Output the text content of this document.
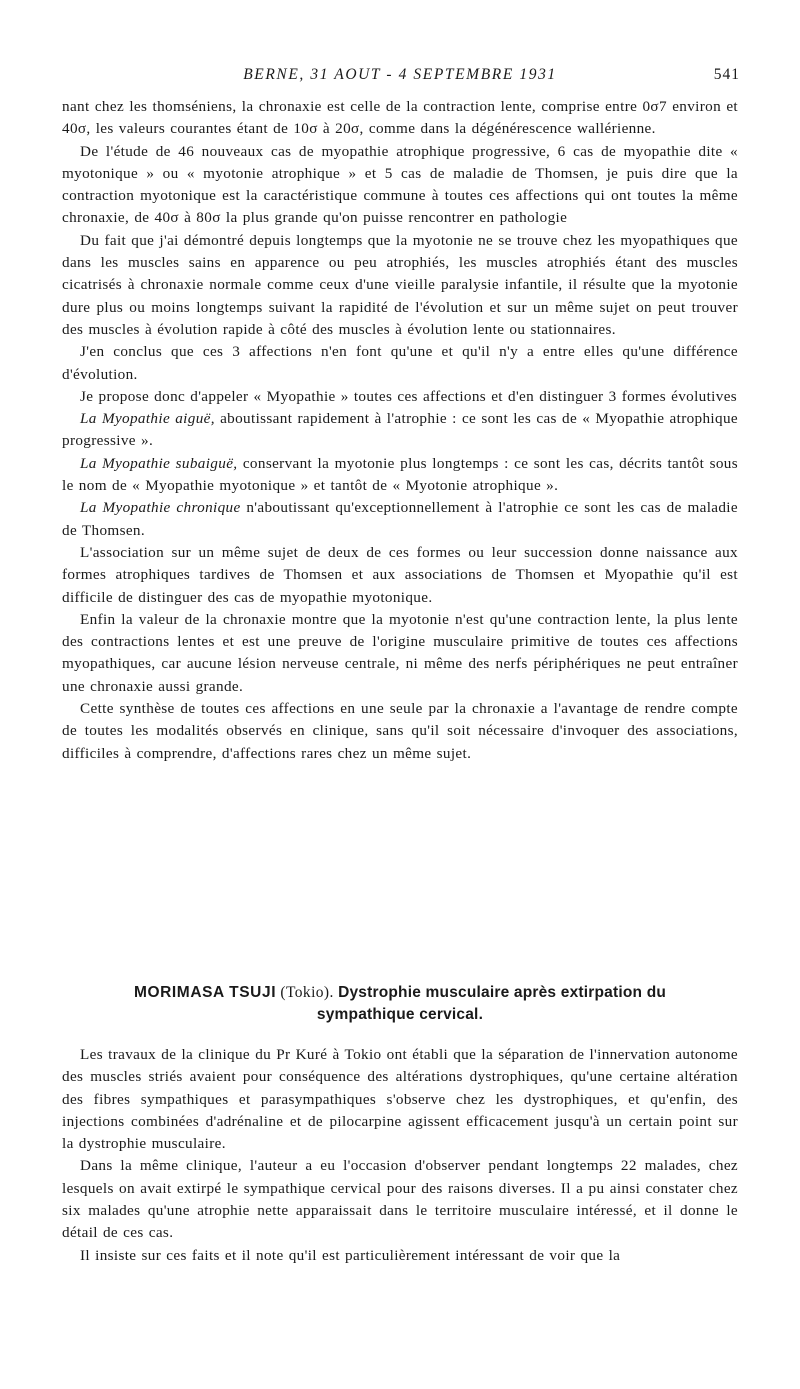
BERNE, 31 AOUT - 4 SEPTEMBRE 1931	541

nant chez les thomséniens, la chronaxie est celle de la contraction lente, comprise entre 0σ7 environ et 40σ, les valeurs courantes étant de 10σ à 20σ, comme dans la dégénérescence wallérienne.

De l'étude de 46 nouveaux cas de myopathie atrophique progressive, 6 cas de myopathie dite « myotonique » ou « myotonie atrophique » et 5 cas de maladie de Thomsen, je puis dire que la contraction myotonique est la caractéristique commune à toutes ces affections qui ont toutes la même chronaxie, de 40σ à 80σ la plus grande qu'on puisse rencontrer en pathologie

Du fait que j'ai démontré depuis longtemps que la myotonie ne se trouve chez les myopathiques que dans les muscles sains en apparence ou peu atrophiés, les muscles atrophiés étant des muscles cicatrisés à chronaxie normale comme ceux d'une vieille paralysie infantile, il résulte que la myotonie dure plus ou moins longtemps suivant la rapidité de l'évolution et sur un même sujet on peut trouver des muscles à évolution rapide à côté des muscles à évolution lente ou stationnaires.

J'en conclus que ces 3 affections n'en font qu'une et qu'il n'y a entre elles qu'une différence d'évolution.

Je propose donc d'appeler « Myopathie » toutes ces affections et d'en distinguer 3 formes évolutives

La Myopathie aiguë, aboutissant rapidement à l'atrophie : ce sont les cas de « Myopathie atrophique progressive ».

La Myopathie subaiguë, conservant la myotonie plus longtemps : ce sont les cas, décrits tantôt sous le nom de « Myopathie myotonique » et tantôt de « Myotonie atrophique ».

La Myopathie chronique n'aboutissant qu'exceptionnellement à l'atrophie ce sont les cas de maladie de Thomsen.

L'association sur un même sujet de deux de ces formes ou leur succession donne naissance aux formes atrophiques tardives de Thomsen et aux associations de Thomsen et Myopathie qu'il est difficile de distinguer des cas de myopathie myotonique.

Enfin la valeur de la chronaxie montre que la myotonie n'est qu'une contraction lente, la plus lente des contractions lentes et est une preuve de l'origine musculaire primitive de toutes ces affections myopathiques, car aucune lésion nerveuse centrale, ni même des nerfs périphériques ne peut entraîner une chronaxie aussi grande.

Cette synthèse de toutes ces affections en une seule par la chronaxie a l'avantage de rendre compte de toutes les modalités observés en clinique, sans qu'il soit nécessaire d'invoquer des associations, difficiles à comprendre, d'affections rares chez un même sujet.

MORIMASA TSUJI (Tokio). Dystrophie musculaire après extirpation du
sympathique cervical.

Les travaux de la clinique du Pr Kuré à Tokio ont établi que la séparation de l'innervation autonome des muscles striés avaient pour conséquence des altérations dystrophiques, qu'une certaine altération des fibres sympathiques et parasympathiques s'observe chez les dystrophiques, et qu'enfin, des injections combinées d'adrénaline et de pilocarpine agissent efficacement jusqu'à un certain point sur la dystrophie musculaire.

Dans la même clinique, l'auteur a eu l'occasion d'observer pendant longtemps 22 malades, chez lesquels on avait extirpé le sympathique cervical pour des raisons diverses. Il a pu ainsi constater chez six malades qu'une atrophie nette apparaissait dans le territoire musculaire intéressé, et il donne le détail de ces cas.

Il insiste sur ces faits et il note qu'il est particulièrement intéressant de voir que la
